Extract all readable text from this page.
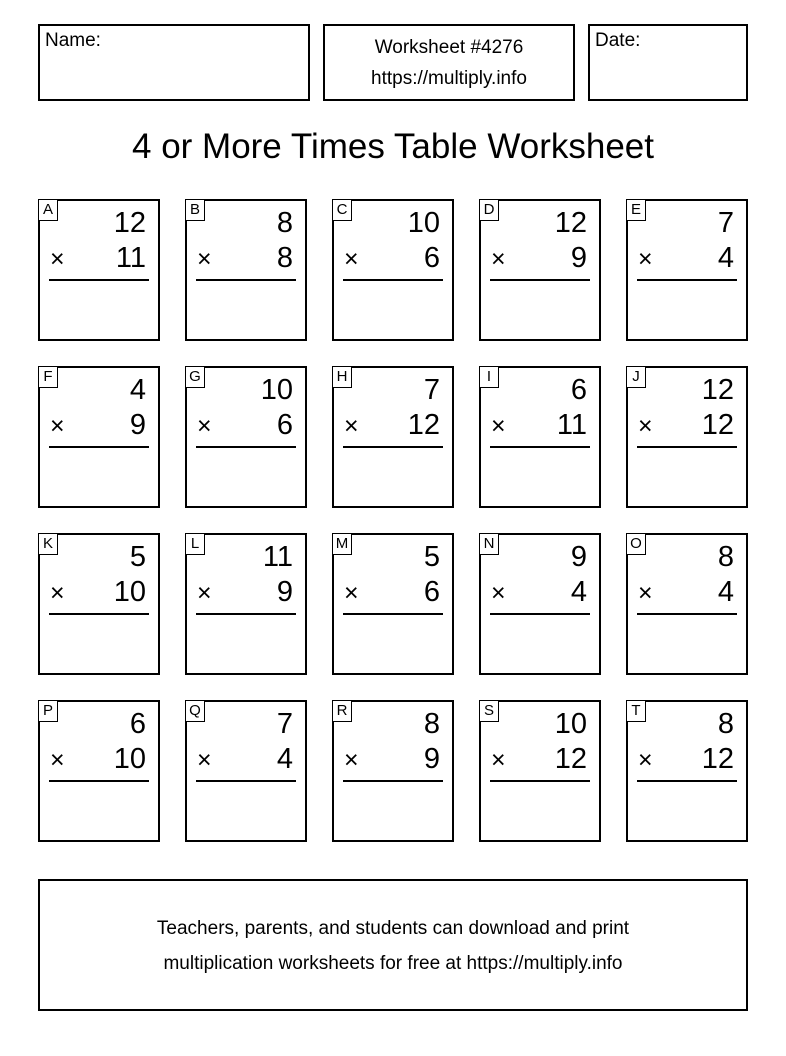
Name:	Worksheet #4276
https://multiply.info
Date:
4 or More Times Table Worksheet
A 12
× 11
B	8
× 8
C 10
× 6
D 12
× 9
E	7
× 4
F	4
× 9
G 10
× 6
H	7
× 12
I	6
× 11
J 12
× 12
K	5
× 10
L 11
× 9
M	5
× 6
N	9
× 4
O	8
× 4
P	6
× 10
Q	7
× 4
R	8
× 9
S 10
× 12
T	8
× 12
Teachers, parents, and students can download and print
multiplication worksheets for free at https://multiply.info
